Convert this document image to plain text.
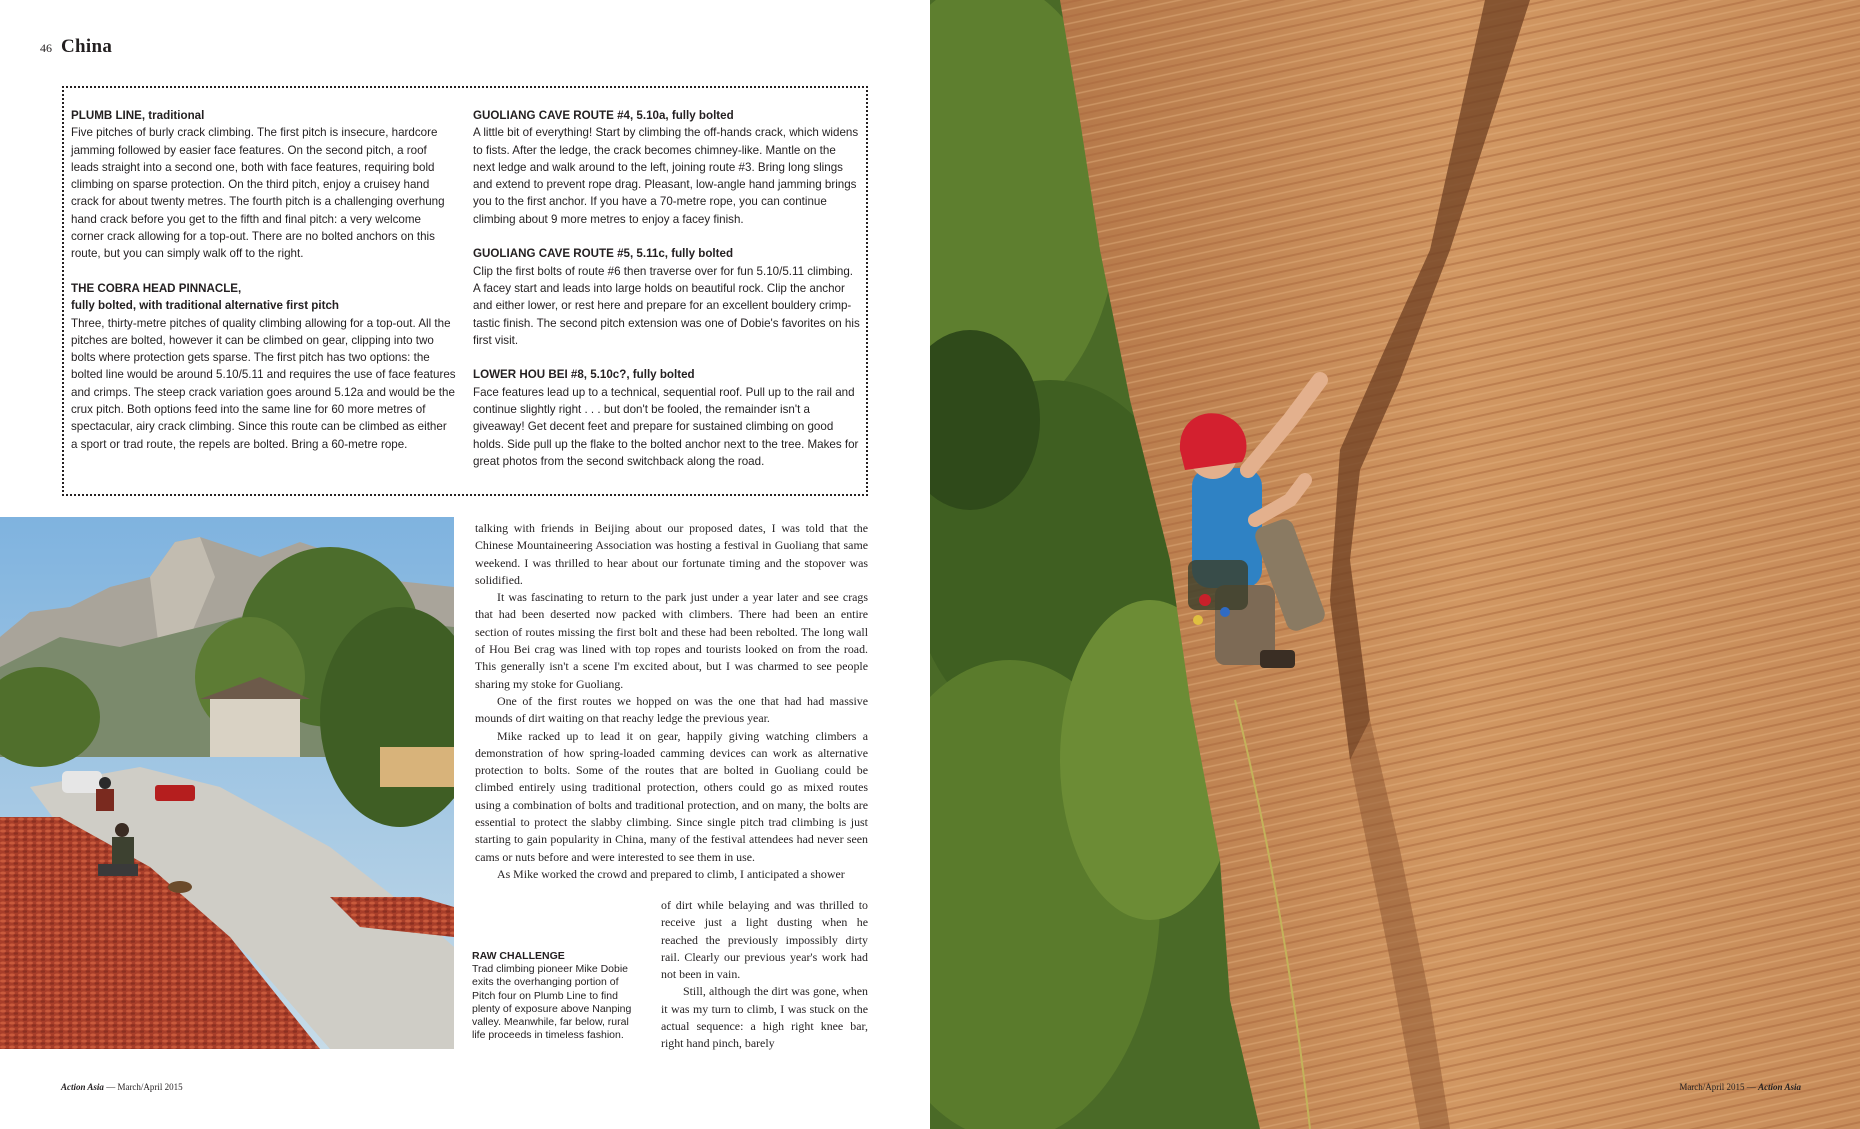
46 China
PLUMB LINE, traditional

Five pitches of burly crack climbing. The first pitch is insecure, hardcore jamming followed by easier face features. On the second pitch, a roof leads straight into a second one, both with face features, requiring bold climbing on sparse protection. On the third pitch, enjoy a cruisey hand crack for about twenty metres. The fourth pitch is a challenging overhung hand crack before you get to the fifth and final pitch: a very welcome corner crack allowing for a top-out. There are no bolted anchors on this route, but you can simply walk off to the right.

THE COBRA HEAD PINNACLE,
fully bolted, with traditional alternative first pitch

Three, thirty-metre pitches of quality climbing allowing for a top-out. All the pitches are bolted, however it can be climbed on gear, clipping into two bolts where protection gets sparse. The first pitch has two options: the bolted line would be around 5.10/5.11 and requires the use of face features and crimps. The steep crack variation goes around 5.12a and would be the crux pitch. Both options feed into the same line for 60 more metres of spectacular, airy crack climbing. Since this route can be climbed as either a sport or trad route, the repels are bolted. Bring a 60-metre rope.

GUOLIANG CAVE ROUTE #4, 5.10a, fully bolted

A little bit of everything! Start by climbing the off-hands crack, which widens to fists. After the ledge, the crack becomes chimney-like. Mantle on the next ledge and walk around to the left, joining route #3. Bring long slings and extend to prevent rope drag. Pleasant, low-angle hand jamming brings you to the first anchor. If you have a 70-metre rope, you can continue climbing about 9 more metres to enjoy a facey finish.

GUOLIANG CAVE ROUTE #5, 5.11c, fully bolted

Clip the first bolts of route #6 then traverse over for fun 5.10/5.11 climbing. A facey start and leads into large holds on beautiful rock. Clip the anchor and either lower, or rest here and prepare for an excellent bouldery crimp-tastic finish. The second pitch extension was one of Dobie's favorites on his first visit.

LOWER HOU BEI #8, 5.10c?, fully bolted

Face features lead up to a technical, sequential roof. Pull up to the rail and continue slightly right . . . but don't be fooled, the remainder isn't a giveaway! Get decent feet and prepare for sustained climbing on good holds. Side pull up the flake to the bolted anchor next to the tree. Makes for great photos from the second switchback along the road.

talking with friends in Beijing about our proposed dates, I was told that the Chinese Mountaineering Association was hosting a festival in Guoliang that same weekend. I was thrilled to hear about our fortunate timing and the stopover was solidified.

It was fascinating to return to the park just under a year later and see crags that had been deserted now packed with climbers. There had been an entire section of routes missing the first bolt and these had been rebolted. The long wall of Hou Bei crag was lined with top ropes and tourists looked on from the road. This generally isn't a scene I'm excited about, but I was charmed to see people sharing my stoke for Guoliang.

One of the first routes we hopped on was the one that had had massive mounds of dirt waiting on that reachy ledge the previous year.

Mike racked up to lead it on gear, happily giving watching climbers a demonstration of how spring-loaded camming devices can work as alternative protection to bolts. Some of the routes that are bolted in Guoliang could be climbed entirely using traditional protection, others could go as mixed routes using a combination of bolts and traditional protection, and on many, the bolts are essential to protect the slabby climbing. Since single pitch trad climbing is just starting to gain popularity in China, many of the festival attendees had never seen cams or nuts before and were interested to see them in use.

As Mike worked the crowd and prepared to climb, I anticipated a shower

of dirt while belaying and was thrilled to receive just a light dusting when he reached the previously impossibly dirty rail. Clearly our previous year's work had not been in vain.

Still, although the dirt was gone, when it was my turn to climb, I was stuck on the actual sequence: a high right knee bar, right hand pinch, barely

RAW CHALLENGE
Trad climbing pioneer Mike Dobie exits the overhanging portion of Pitch four on Plumb Line to find plenty of exposure above Nanping valley. Meanwhile, far below, rural life proceeds in timeless fashion.
Action Asia — March/April 2015	March/April 2015 — Action Asia
